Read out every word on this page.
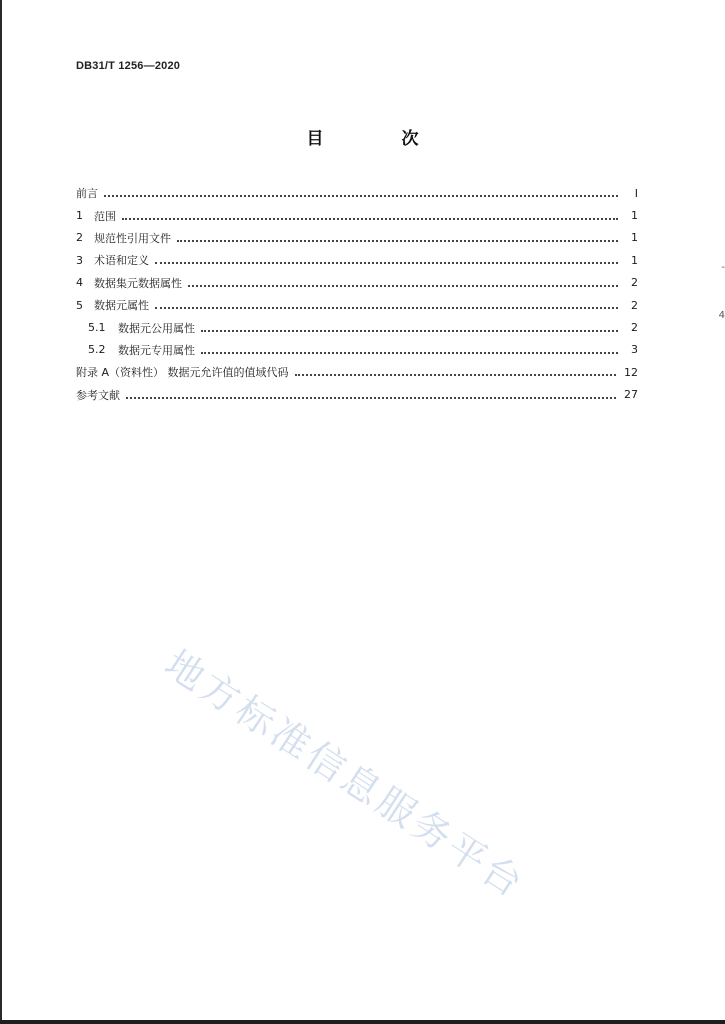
DB31/T 1256—2020
目 次
前言	I
1	范围	1
2	规范性引用文件	1
3	术语和定义	1
4	数据集元数据属性	2
5	数据元属性	2
5.1	数据元公用属性	2
5.2	数据元专用属性	3
附录 A（资料性） 数据元允许值的值域代码	12
参考文献	27
-
4
地方标准信息服务平台
